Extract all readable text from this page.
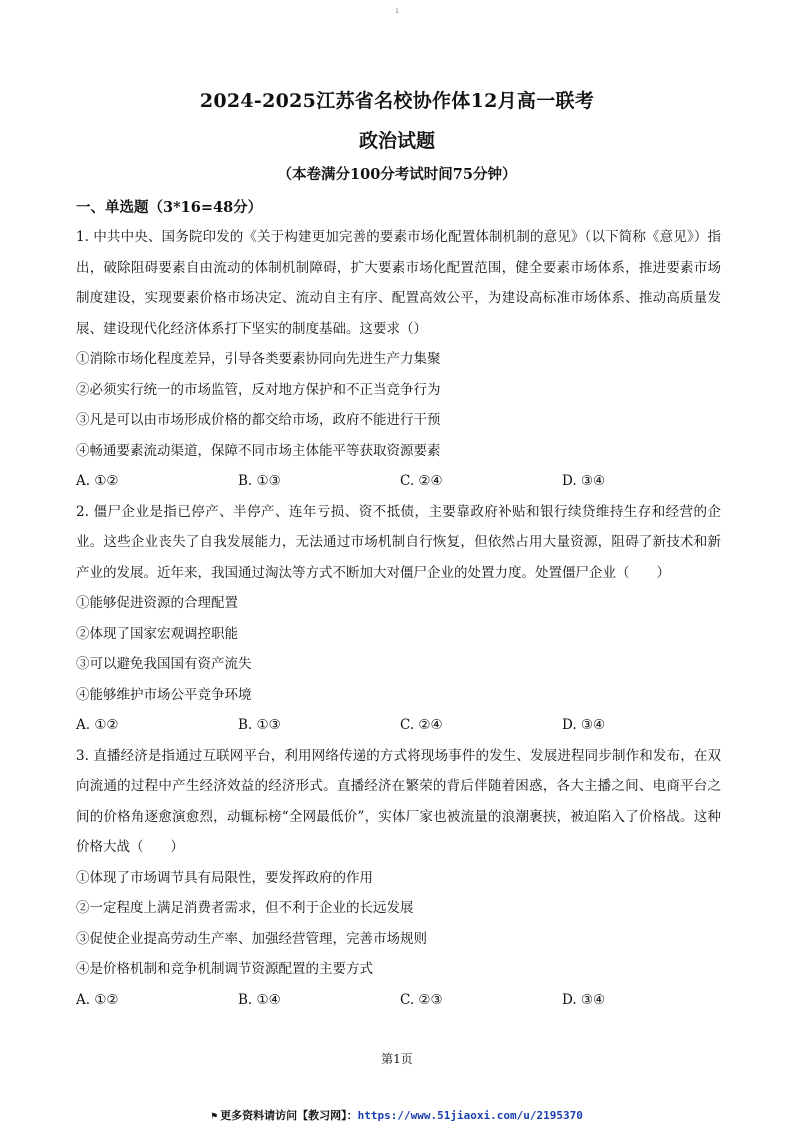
1
2024-2025江苏省名校协作体12月高一联考
政治试题
（本卷满分100分考试时间75分钟）
一、单选题（3*16=48分）
1. 中共中央、国务院印发的《关于构建更加完善的要素市场化配置体制机制的意见》（以下简称《意见》）指出，破除阻碍要素自由流动的体制机制障碍，扩大要素市场化配置范围，健全要素市场体系，推进要素市场制度建设，实现要素价格市场决定、流动自主有序、配置高效公平，为建设高标准市场体系、推动高质量发展、建设现代化经济体系打下坚实的制度基础。这要求（）
①消除市场化程度差异，引导各类要素协同向先进生产力集聚
②必须实行统一的市场监管，反对地方保护和不正当竞争行为
③凡是可以由市场形成价格的都交给市场，政府不能进行干预
④畅通要素流动渠道，保障不同市场主体能平等获取资源要素
A. ①②	B. ①③	C. ②④	D. ③④
2. 僵尸企业是指已停产、半停产、连年亏损、资不抵债，主要靠政府补贴和银行续贷维持生存和经营的企业。这些企业丧失了自我发展能力，无法通过市场机制自行恢复，但依然占用大量资源，阻碍了新技术和新产业的发展。近年来，我国通过淘汰等方式不断加大对僵尸企业的处置力度。处置僵尸企业（　　）
①能够促进资源的合理配置
②体现了国家宏观调控职能
③可以避免我国国有资产流失
④能够维护市场公平竞争环境
A. ①②	B. ①③	C. ②④	D. ③④
3. 直播经济是指通过互联网平台，利用网络传递的方式将现场事件的发生、发展进程同步制作和发布，在双向流通的过程中产生经济效益的经济形式。直播经济在繁荣的背后伴随着困惑，各大主播之间、电商平台之间的价格角逐愈演愈烈，动辄标榜“全网最低价”，实体厂家也被流量的浪潮裹挟，被迫陷入了价格战。这种价格大战（　　）
①体现了市场调节具有局限性，要发挥政府的作用
②一定程度上满足消费者需求，但不利于企业的长远发展
③促使企业提高劳动生产率、加强经营管理，完善市场规则
④是价格机制和竞争机制调节资源配置的主要方式
A. ①②	B. ①④	C. ②③	D. ③④
第1页
⚑ 更多资料请访问【教习网】：https://www.51jiaoxi.com/u/2195370
